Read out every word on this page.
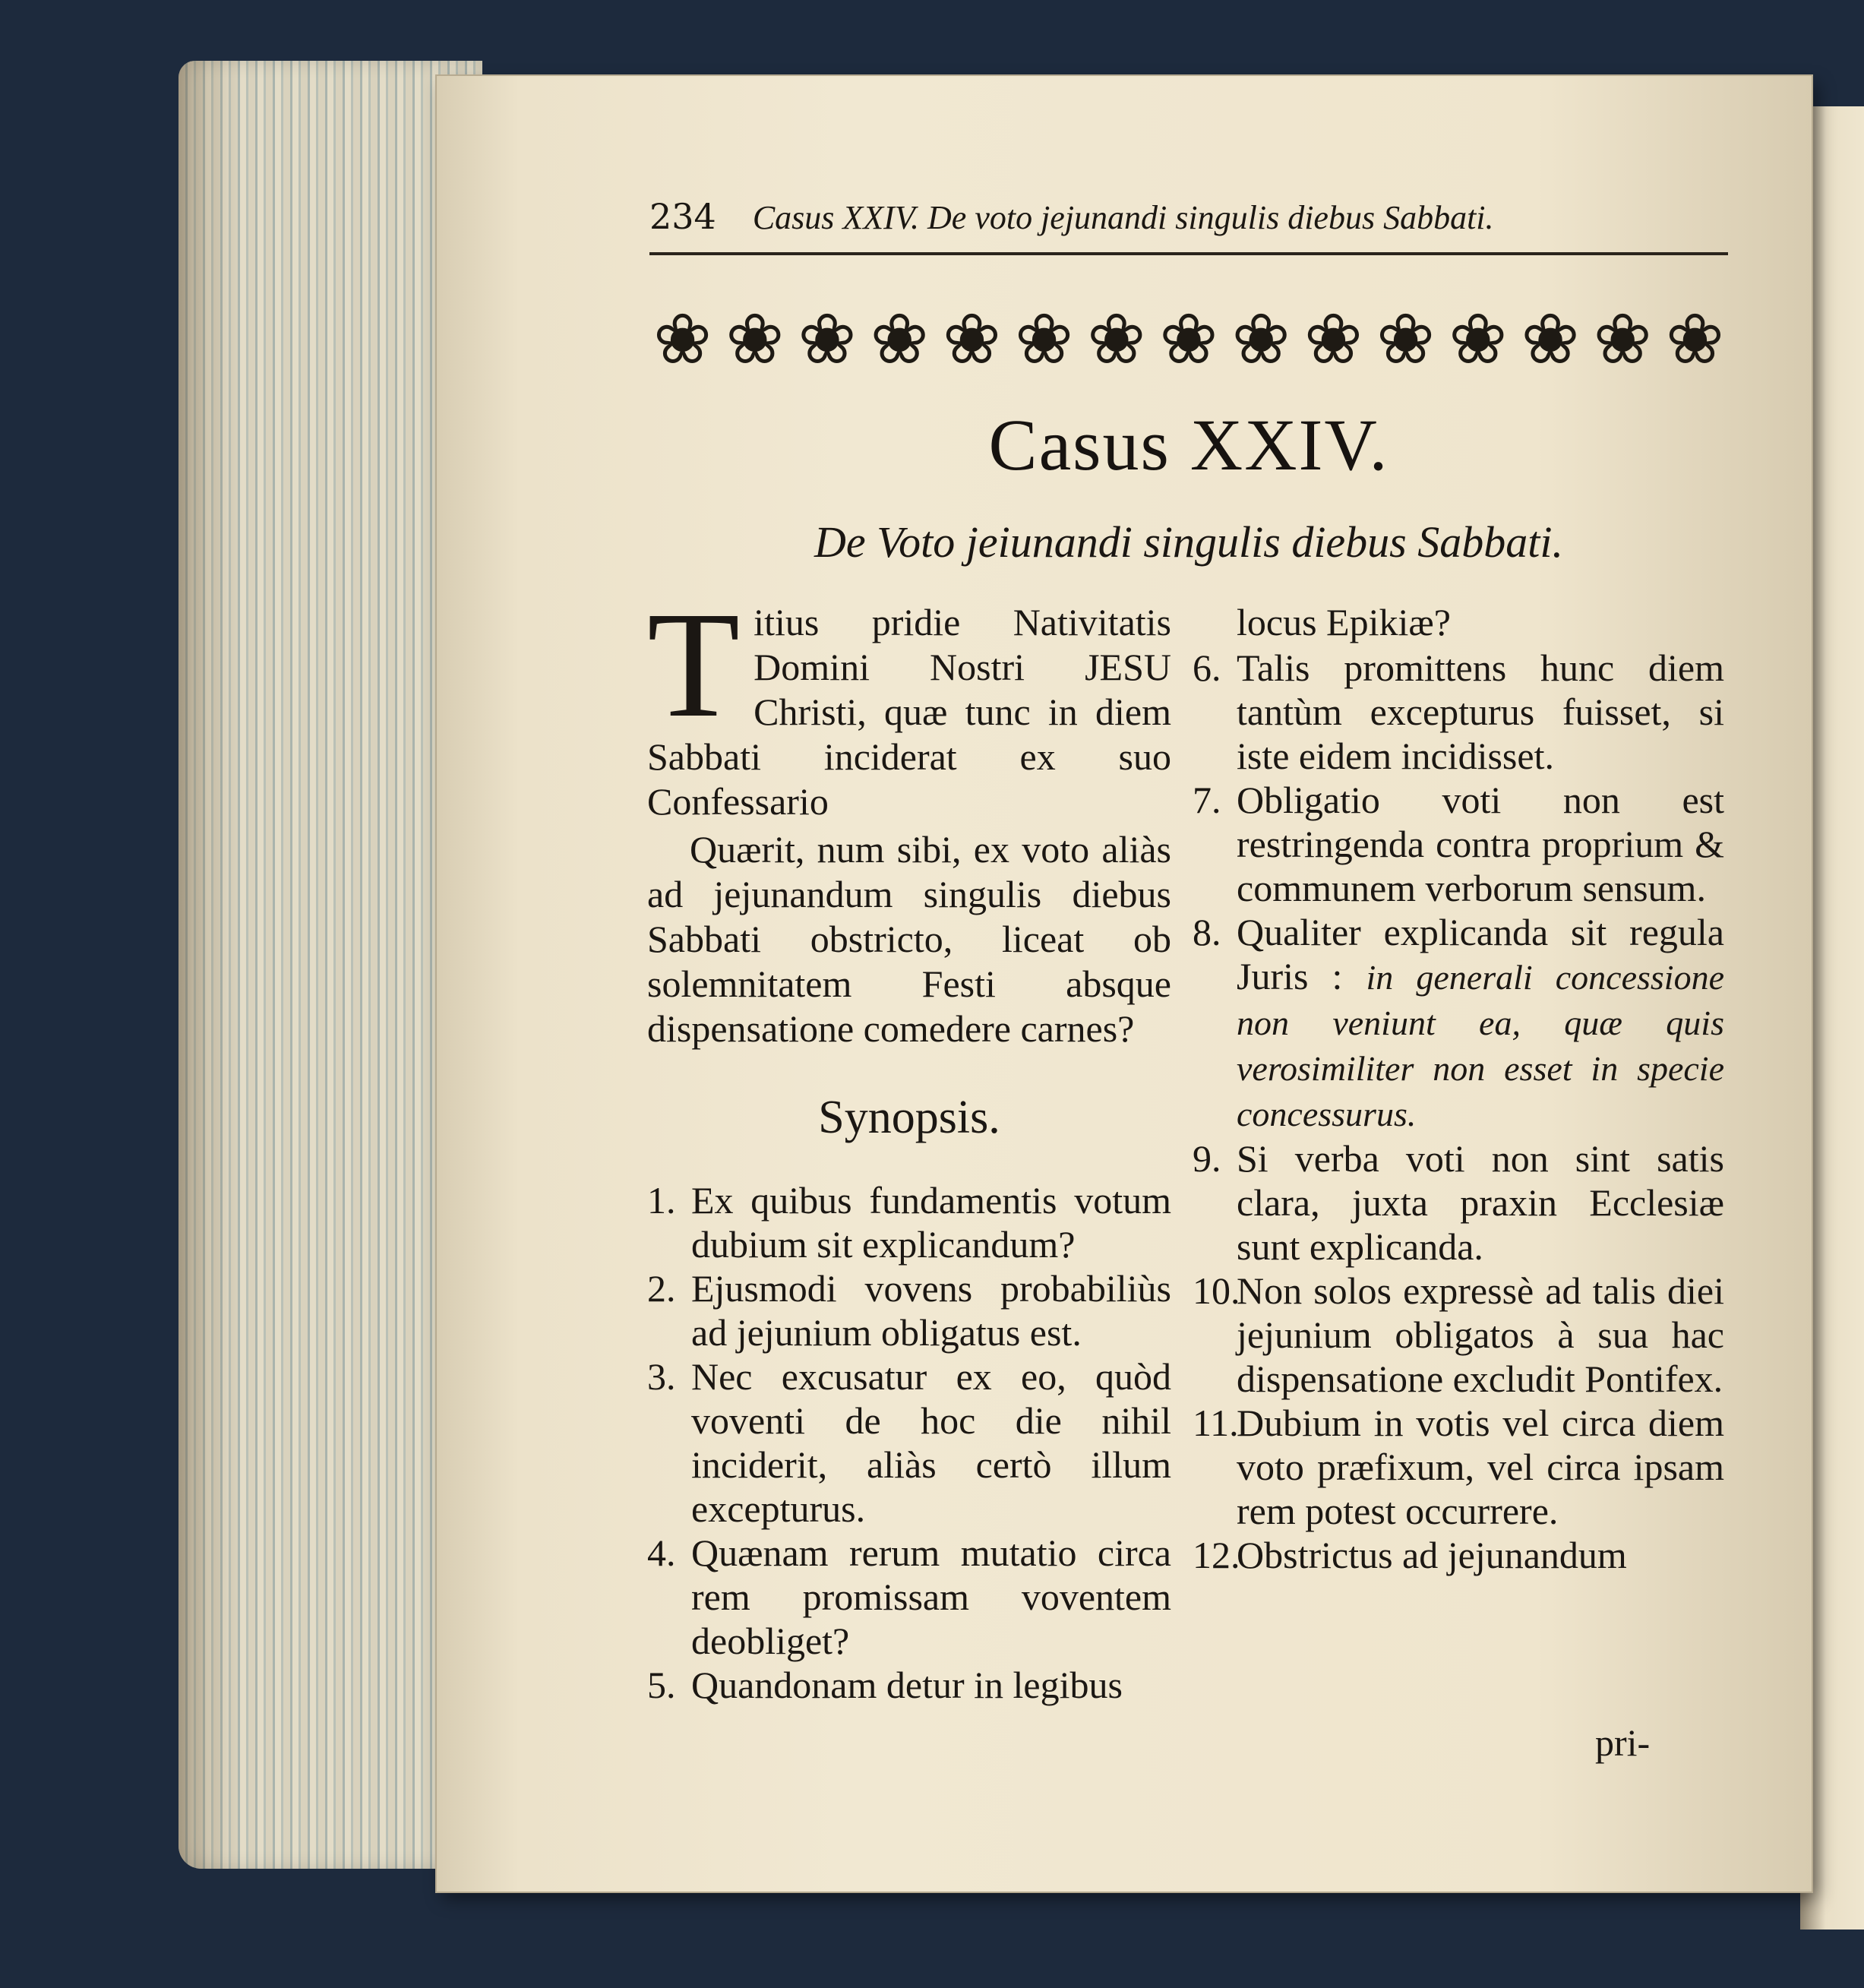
234 Casus XXIV. De voto jejunandi singulis diebus Sabbati.
❀ ❀ ❀ ❀ ❀ ❀ ❀ ❀ ❀ ❀ ❀ ❀ ❀ ❀ ❀
Casus XXIV.
De Voto jeiunandi singulis diebus Sabbati.

Titius pridie Nativitatis Domini Nostri JESU Christi, quæ tunc in diem Sabbati inciderat ex suo Confessario

Quærit, num sibi, ex voto aliàs ad jejunandum singulis diebus Sabbati obstricto, liceat ob solemnitatem Festi absque dispensatione comedere carnes?

Synopsis.
1. Ex quibus fundamentis votum dubium sit explicandum?
2. Ejusmodi vovens probabiliùs ad jejunium obligatus est.
3. Nec excusatur ex eo, quòd voventi de hoc die nihil inciderit, aliàs certò illum excepturus.
4. Quænam rerum mutatio circa rem promissam voventem deobliget?
5. Quandonam detur in legibus

locus Epikiæ?

6. Talis promittens hunc diem tantùm excepturus fuisset, si iste eidem incidisset.
7. Obligatio voti non est restringenda contra proprium & communem verborum sensum.
8. Qualiter explicanda sit regula Juris : in generali concessione non veniunt ea, quæ quis verosimiliter non esset in specie concessurus.
9. Si verba voti non sint satis clara, juxta praxin Ecclesiæ sunt explicanda.
10.
Non solos expressè ad talis diei jejunium obligatos à sua hac dispensatione excludit Pontifex.
11.
Dubium in votis vel circa diem voto præfixum, vel circa ipsam rem potest occurrere.
12.
Obstrictus ad jejunandum
pri-
